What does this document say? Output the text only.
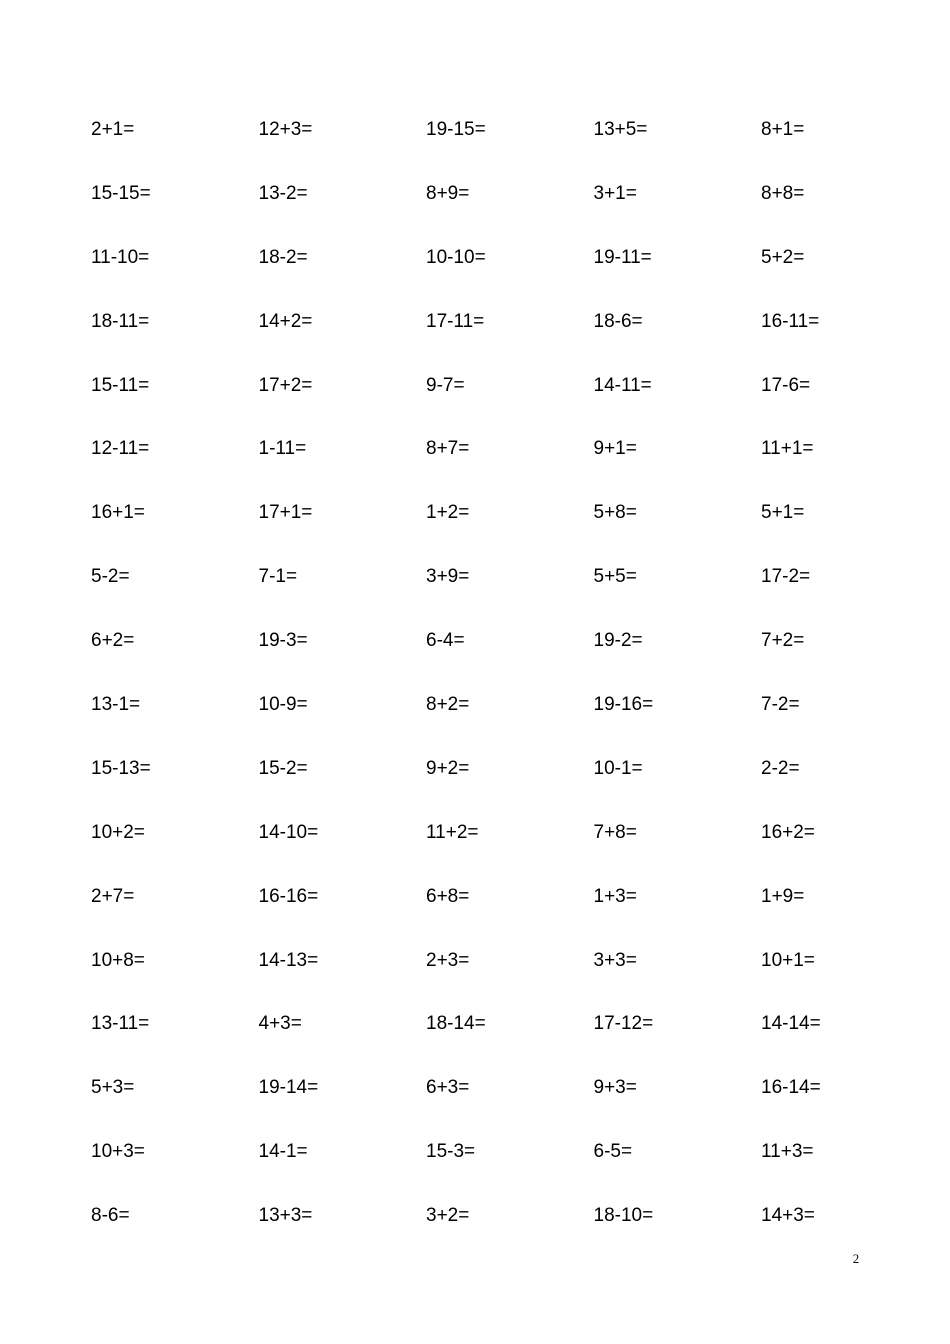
2+1=	12+3=	19-15=	13+5=	8+1=
15-15=	13-2=	8+9=	3+1=	8+8=
11-10=	18-2=	10-10=	19-11=	5+2=
18-11=	14+2=	17-11=	18-6=	16-11=
15-11=	17+2=	9-7=	14-11=	17-6=
12-11=	1-11=	8+7=	9+1=	11+1=
16+1=	17+1=	1+2=	5+8=	5+1=
5-2=	7-1=	3+9=	5+5=	17-2=
6+2=	19-3=	6-4=	19-2=	7+2=
13-1=	10-9=	8+2=	19-16=	7-2=
15-13=	15-2=	9+2=	10-1=	2-2=
10+2=	14-10=	11+2=	7+8=	16+2=
2+7=	16-16=	6+8=	1+3=	1+9=
10+8=	14-13=	2+3=	3+3=	10+1=
13-11=	4+3=	18-14=	17-12=	14-14=
5+3=	19-14=	6+3=	9+3=	16-14=
10+3=	14-1=	15-3=	6-5=	11+3=
8-6=	13+3=	3+2=	18-10=	14+3=
2
